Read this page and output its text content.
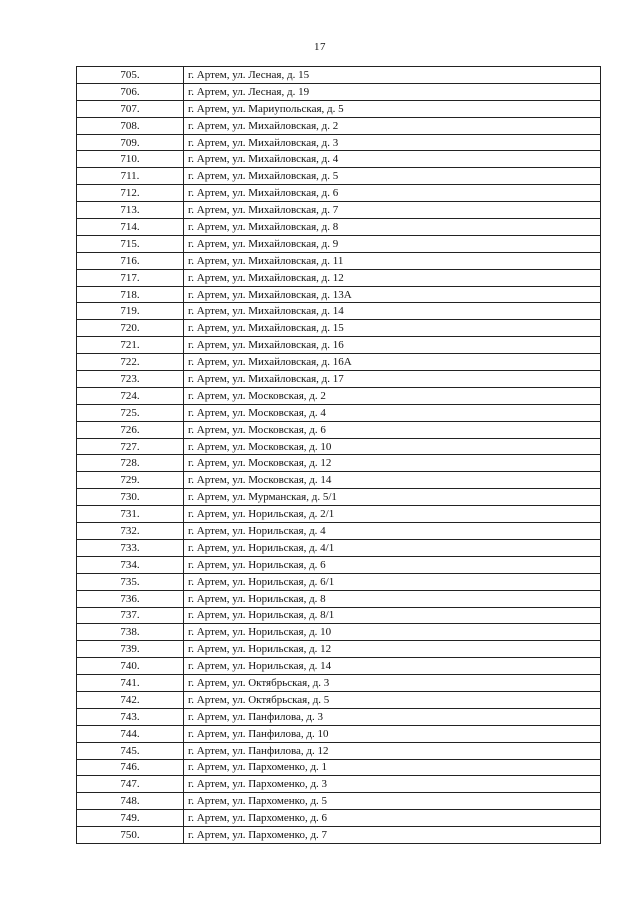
17
705.	г. Артем, ул. Лесная, д. 15
706.	г. Артем, ул. Лесная, д. 19
707.	г. Артем, ул. Мариупольская, д. 5
708.	г. Артем, ул. Михайловская, д. 2
709.	г. Артем, ул. Михайловская, д. 3
710.	г. Артем, ул. Михайловская, д. 4
711.	г. Артем, ул. Михайловская, д. 5
712.	г. Артем, ул. Михайловская, д. 6
713.	г. Артем, ул. Михайловская, д. 7
714.	г. Артем, ул. Михайловская, д. 8
715.	г. Артем, ул. Михайловская, д. 9
716.	г. Артем, ул. Михайловская, д. 11
717.	г. Артем, ул. Михайловская, д. 12
718.	г. Артем, ул. Михайловская, д. 13А
719.	г. Артем, ул. Михайловская, д. 14
720.	г. Артем, ул. Михайловская, д. 15
721.	г. Артем, ул. Михайловская, д. 16
722.	г. Артем, ул. Михайловская, д. 16А
723.	г. Артем, ул. Михайловская, д. 17
724.	г. Артем, ул. Московская, д. 2
725.	г. Артем, ул. Московская, д. 4
726.	г. Артем, ул. Московская, д. 6
727.	г. Артем, ул. Московская, д. 10
728.	г. Артем, ул. Московская, д. 12
729.	г. Артем, ул. Московская, д. 14
730.	г. Артем, ул. Мурманская, д. 5/1
731.	г. Артем, ул. Норильская, д. 2/1
732.	г. Артем, ул. Норильская, д. 4
733.	г. Артем, ул. Норильская, д. 4/1
734.	г. Артем, ул. Норильская, д. 6
735.	г. Артем, ул. Норильская, д. 6/1
736.	г. Артем, ул. Норильская, д. 8
737.	г. Артем, ул. Норильская, д. 8/1
738.	г. Артем, ул. Норильская, д. 10
739.	г. Артем, ул. Норильская, д. 12
740.	г. Артем, ул. Норильская, д. 14
741.	г. Артем, ул. Октябрьская, д. 3
742.	г. Артем, ул. Октябрьская, д. 5
743.	г. Артем, ул. Панфилова, д. 3
744.	г. Артем, ул. Панфилова, д. 10
745.	г. Артем, ул. Панфилова, д. 12
746.	г. Артем, ул. Пархоменко, д. 1
747.	г. Артем, ул. Пархоменко, д. 3
748.	г. Артем, ул. Пархоменко, д. 5
749.	г. Артем, ул. Пархоменко, д. 6
750.	г. Артем, ул. Пархоменко, д. 7
